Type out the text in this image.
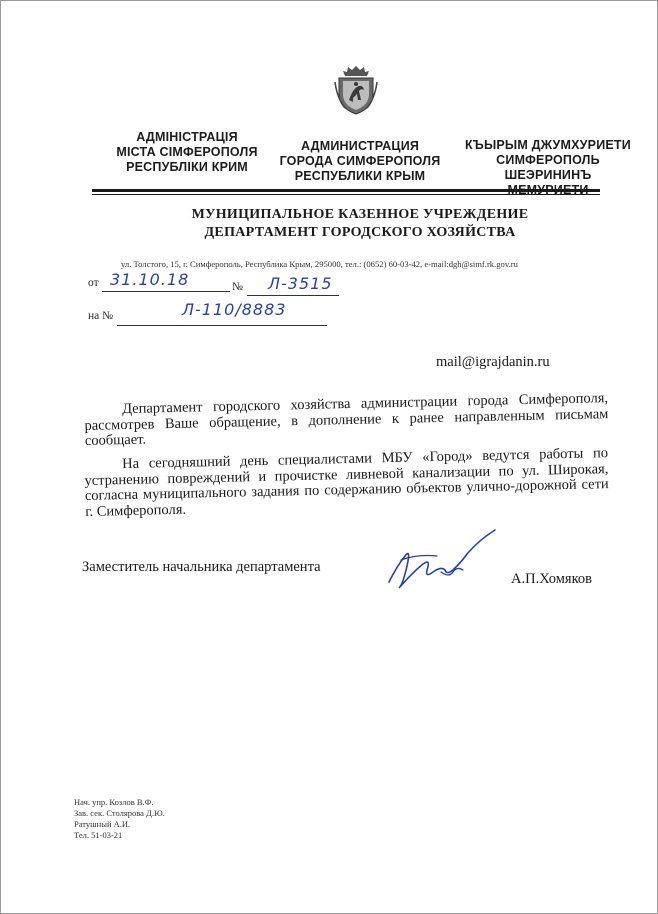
АДМІНІСТРАЦІЯ
МІСТА СІМФЕРОПОЛЯ
РЕСПУБЛІКИ КРИМ
АДМИНИСТРАЦИЯ
ГОРОДА СИМФЕРОПОЛЯ
РЕСПУБЛИКИ КРЫМ
КЪЫРЫМ ДЖУМХУРИЕТИ
СИМФЕРОПОЛЬ
ШЕЭРИНИНЪ
МУНИЦИПАЛЬНОЕ КАЗЕННОЕ УЧРЕЖДЕНИЕ
ДЕПАРТАМЕНТ ГОРОДСКОГО ХОЗЯЙСТВА
ул. Толстого, 15, г. Симферополь, Республика Крым, 295000, тел.: (0652) 60-03-42, e-mail:dgh@simf.rk.gov.ru
от 31.10.18	№ Л-3515
на №	Л-110/8883
mail@igrajdanin.ru
Департамент городского хозяйства администрации города Симферополя, рассмотрев Ваше обращение, в дополнение к ранее направленным письмам сообщает.
На сегодняшний день специалистами МБУ «Город» ведутся работы по устранению повреждений и прочистке ливневой канализации по ул. Широкая, согласна муниципального задания по содержанию объектов улично-дорожной сети г. Симферополя.
Заместитель начальника департамента
А.П.Хомяков
Нач. упр. Козлов В.Ф.
Зав. сек. Столярова Д.Ю.
Ратушный А.И.
Тел. 51-03-21
